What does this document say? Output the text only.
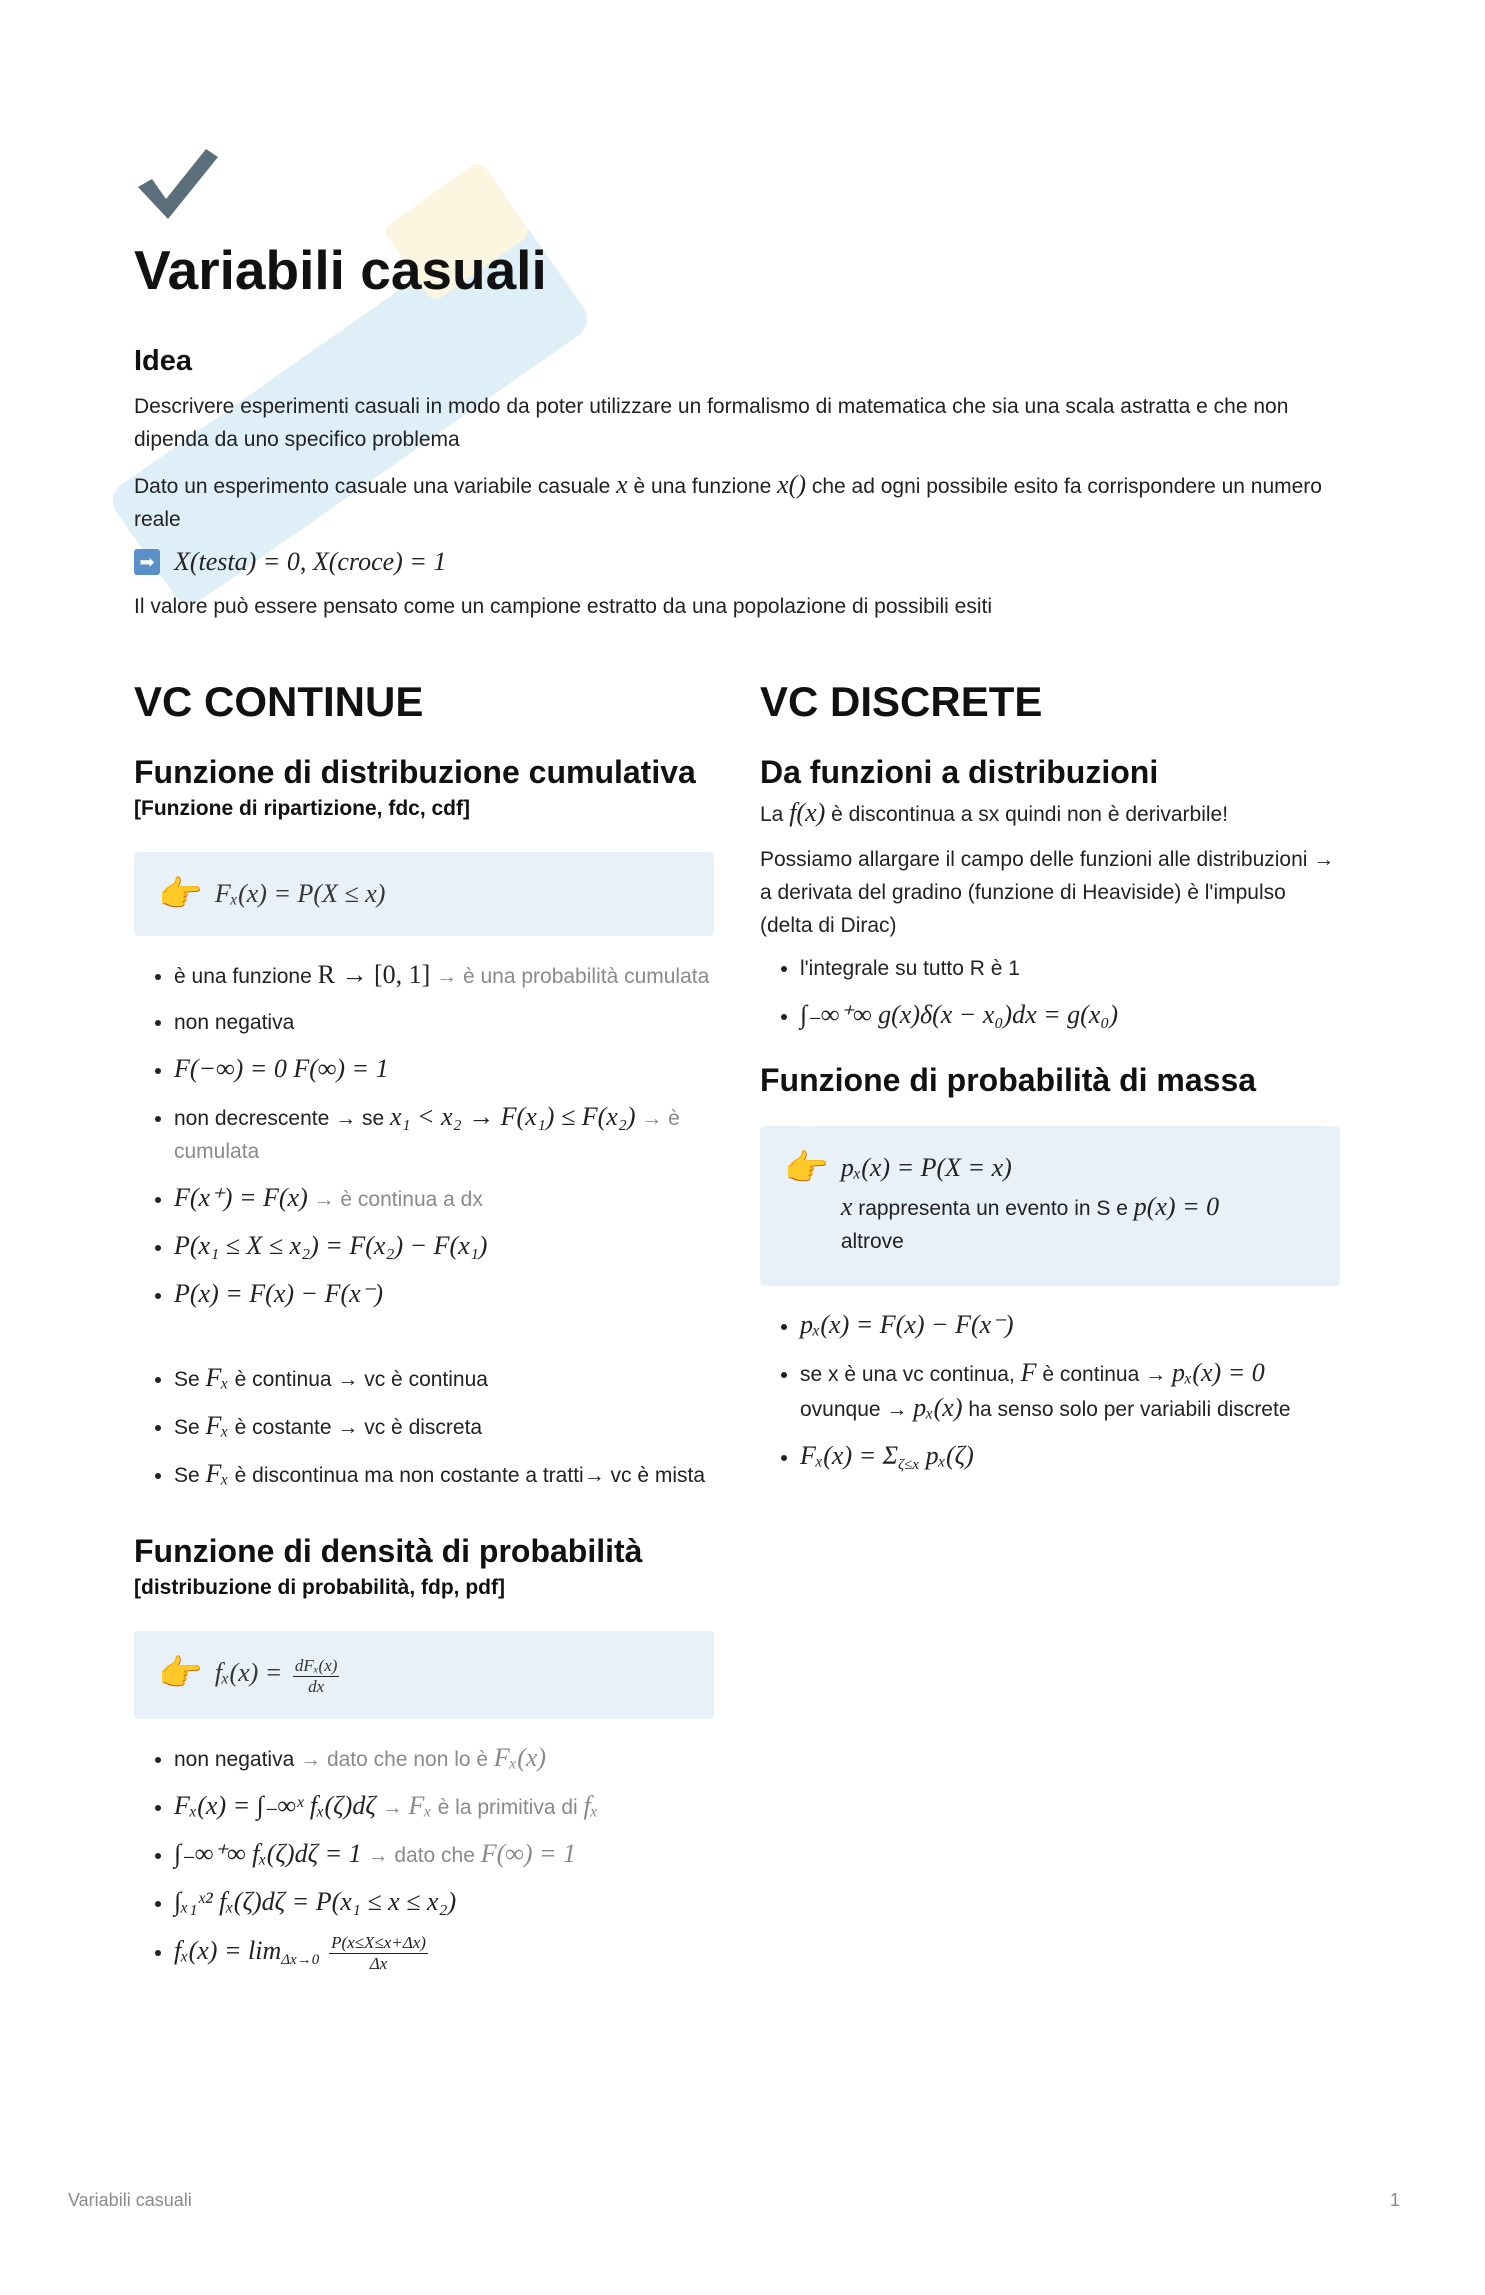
Variabili casuali
Idea

Descrivere esperimenti casuali in modo da poter utilizzare un formalismo di matematica che sia una scala astratta e che non dipenda da uno specifico problema

Dato un esperimento casuale una variabile casuale x è una funzione x() che ad ogni possibile esito fa corrispondere un numero reale

➡ X(testa) = 0, X(croce) = 1

Il valore può essere pensato come un campione estratto da una popolazione di possibili esiti

VC CONTINUE
Funzione di distribuzione cumulativa

[Funzione di ripartizione, fdc, cdf]

👉 Fₓ(x) = P(X ≤ x)
• è una funzione R → [0, 1] → è una probabilità cumulata
• non negativa
• F(−∞) = 0 F(∞) = 1
• non decrescente → se x₁ < x₂ → F(x₁) ≤ F(x₂) → è cumulata
• F(x⁺) = F(x) → è continua a dx
• P(x₁ ≤ X ≤ x₂) = F(x₂) − F(x₁)
• P(x) = F(x) − F(x⁻)
• Se Fₓ è continua → vc è continua
• Se Fₓ è costante → vc è discreta
• Se Fₓ è discontinua ma non costante a tratti→ vc è mista
Funzione di densità di probabilità

[distribuzione di probabilità, fdp, pdf]

👉 $f_x(x) = \frac{\text{dFₓ(x)}}{dx}$
• non negativa → dato che non lo è Fₓ(x)
• Fₓ(x) = ∫₋∞ˣ fₓ(ζ)dζ → Fₓ è la primitiva di fₓ
• ∫₋∞⁺∞ fₓ(ζ)dζ = 1 → dato che F(∞) = 1
• ∫ₓ₁ˣ² fₓ(ζ)dζ = P(x₁ ≤ x ≤ x₂)
• $f_x(x) = \lim_{\Delta x\to 0} \frac{P(x\le X\le x+\Delta x)}{\Delta x}$
VC DISCRETE
Da funzioni a distribuzioni

La f(x) è discontinua a sx quindi non è derivarbile!

Possiamo allargare il campo delle funzioni alle distribuzioni → a derivata del gradino (funzione di Heaviside) è l'impulso (delta di Dirac)

• l'integrale su tutto R è 1
• ∫₋∞⁺∞ g(x)δ(x − x₀)dx = g(x₀)
Funzione di probabilità di massa
👉 pₓ(x) = P(X = x)
x rappresenta un evento in S e p(x) = 0
altrove
• pₓ(x) = F(x) − F(x⁻)
• se x è una vc continua, F è continua → pₓ(x) = 0 ovunque → pₓ(x) ha senso solo per variabili discrete
• $F_x(x) = \Sigma_{\zeta\le x}$ pₓ(ζ)
Variabili casuali	1
